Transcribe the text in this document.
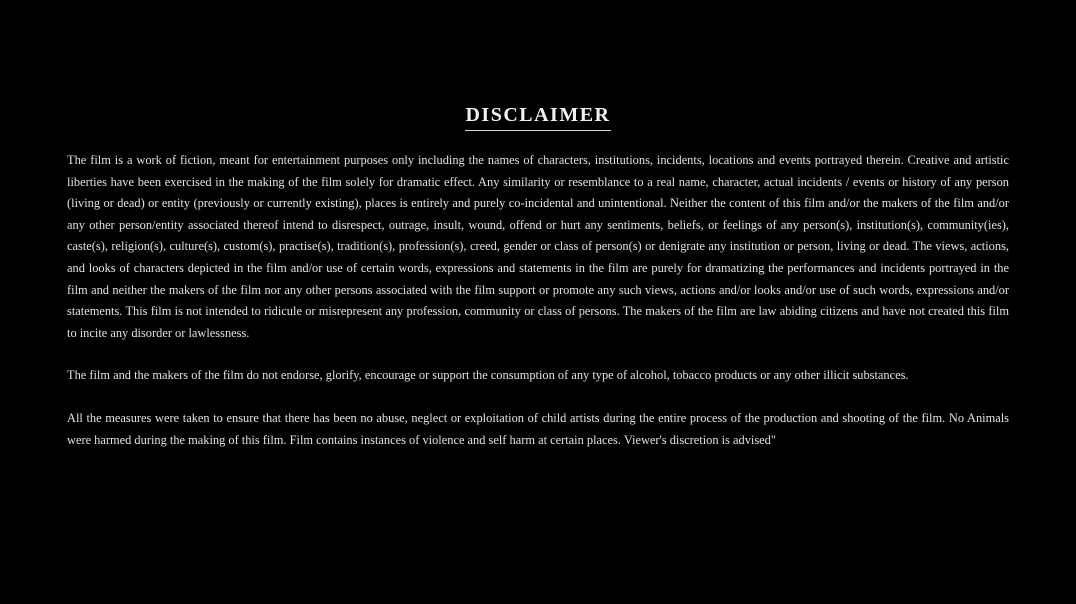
DISCLAIMER

The film is a work of fiction, meant for entertainment purposes only including the names of characters, institutions, incidents, locations and events portrayed therein. Creative and artistic liberties have been exercised in the making of the film solely for dramatic effect. Any similarity or resemblance to a real name, character, actual incidents / events or history of any person (living or dead) or entity (previously or currently existing), places is entirely and purely co-incidental and unintentional. Neither the content of this film and/or the makers of the film and/or any other person/entity associated thereof intend to disrespect, outrage, insult, wound, offend or hurt any sentiments, beliefs, or feelings of any person(s), institution(s), community(ies), caste(s), religion(s), culture(s), custom(s), practise(s), tradition(s), profession(s), creed, gender or class of person(s) or denigrate any institution or person, living or dead. The views, actions, and looks of characters depicted in the film and/or use of certain words, expressions and statements in the film are purely for dramatizing the performances and incidents portrayed in the film and neither the makers of the film nor any other persons associated with the film support or promote any such views, actions and/or looks and/or use of such words, expressions and/or statements. This film is not intended to ridicule or misrepresent any profession, community or class of persons. The makers of the film are law abiding citizens and have not created this film to incite any disorder or lawlessness.

The film and the makers of the film do not endorse, glorify, encourage or support the consumption of any type of alcohol, tobacco products or any other illicit substances.

All the measures were taken to ensure that there has been no abuse, neglect or exploitation of child artists during the entire process of the production and shooting of the film. No Animals were harmed during the making of this film. Film contains instances of violence and self harm at certain places. Viewer's discretion is advised"
